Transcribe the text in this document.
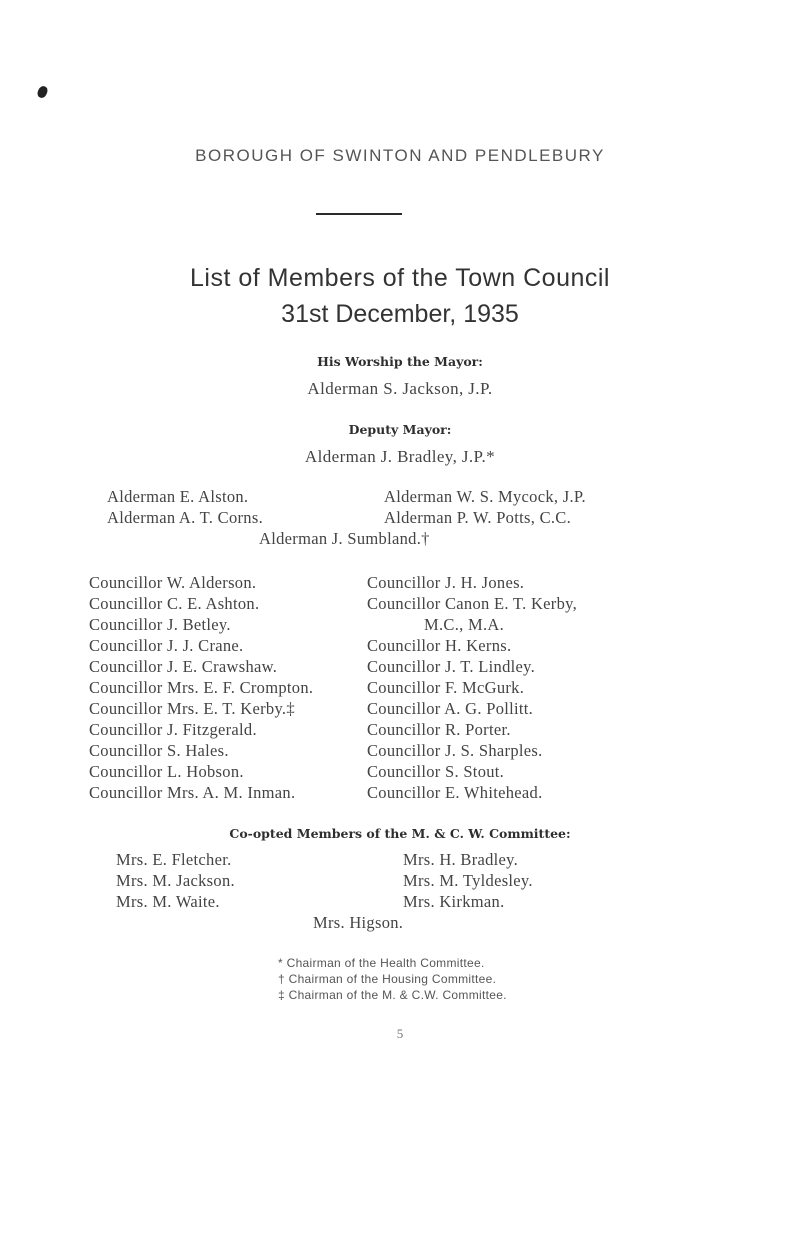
BOROUGH OF SWINTON AND PENDLEBURY
List of Members of the Town Council
31st December, 1935
His Worship the Mayor:
Alderman S. Jackson, J.P.
Deputy Mayor:
Alderman J. Bradley, J.P.*
Alderman E. Alston.
Alderman A. T. Corns.
Alderman W. S. Mycock, J.P.
Alderman P. W. Potts, C.C.
Alderman J. Sumbland.†
Councillor W. Alderson.
Councillor C. E. Ashton.
Councillor J. Betley.
Councillor J. J. Crane.
Councillor J. E. Crawshaw.
Councillor Mrs. E. F. Crompton.
Councillor Mrs. E. T. Kerby.‡
Councillor J. Fitzgerald.
Councillor S. Hales.
Councillor L. Hobson.
Councillor Mrs. A. M. Inman.
Councillor J. H. Jones.
Councillor Canon E. T. Kerby,
M.C., M.A.
Councillor H. Kerns.
Councillor J. T. Lindley.
Councillor F. McGurk.
Councillor A. G. Pollitt.
Councillor R. Porter.
Councillor J. S. Sharples.
Councillor S. Stout.
Councillor E. Whitehead.
Co-opted Members of the M. & C. W. Committee:
Mrs. E. Fletcher.
Mrs. M. Jackson.
Mrs. M. Waite.
Mrs. H. Bradley.
Mrs. M. Tyldesley.
Mrs. Kirkman.
Mrs. Higson.
* Chairman of the Health Committee.
† Chairman of the Housing Committee.
‡ Chairman of the M. & C.W. Committee.
5
